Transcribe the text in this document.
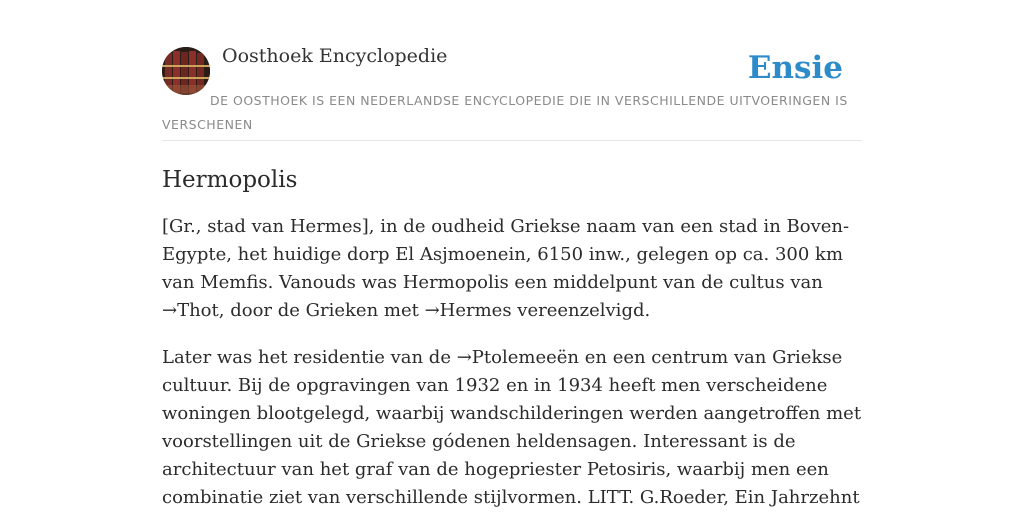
Oosthoek Encyclopedie	Ensie
DE OOSTHOEK IS EEN NEDERLANDSE ENCYCLOPEDIE DIE IN VERSCHILLENDE UITVOERINGEN IS VERSCHENEN
Hermopolis

[Gr., stad van Hermes], in de oudheid Griekse naam van een stad in Boven-Egypte, het huidige dorp El Asjmoenein, 6150 inw., gelegen op ca. 300 km van Memfis. Vanouds was Hermopolis een middelpunt van de cultus van →Thot, door de Grieken met →Hermes vereenzelvigd.

Later was het residentie van de →Ptolemeeën en een centrum van Griekse cultuur. Bij de opgravingen van 1932 en in 1934 heeft men verscheidene woningen blootgelegd, waarbij wandschilderingen werden aangetroffen met voorstellingen uit de Griekse gódenen heldensagen. Interessant is de architectuur van het graf van de hogepriester Petosiris, waarbij men een combinatie ziet van verschillende stijlvormen. LITT. G.Roeder, Ein Jahrzehnt
